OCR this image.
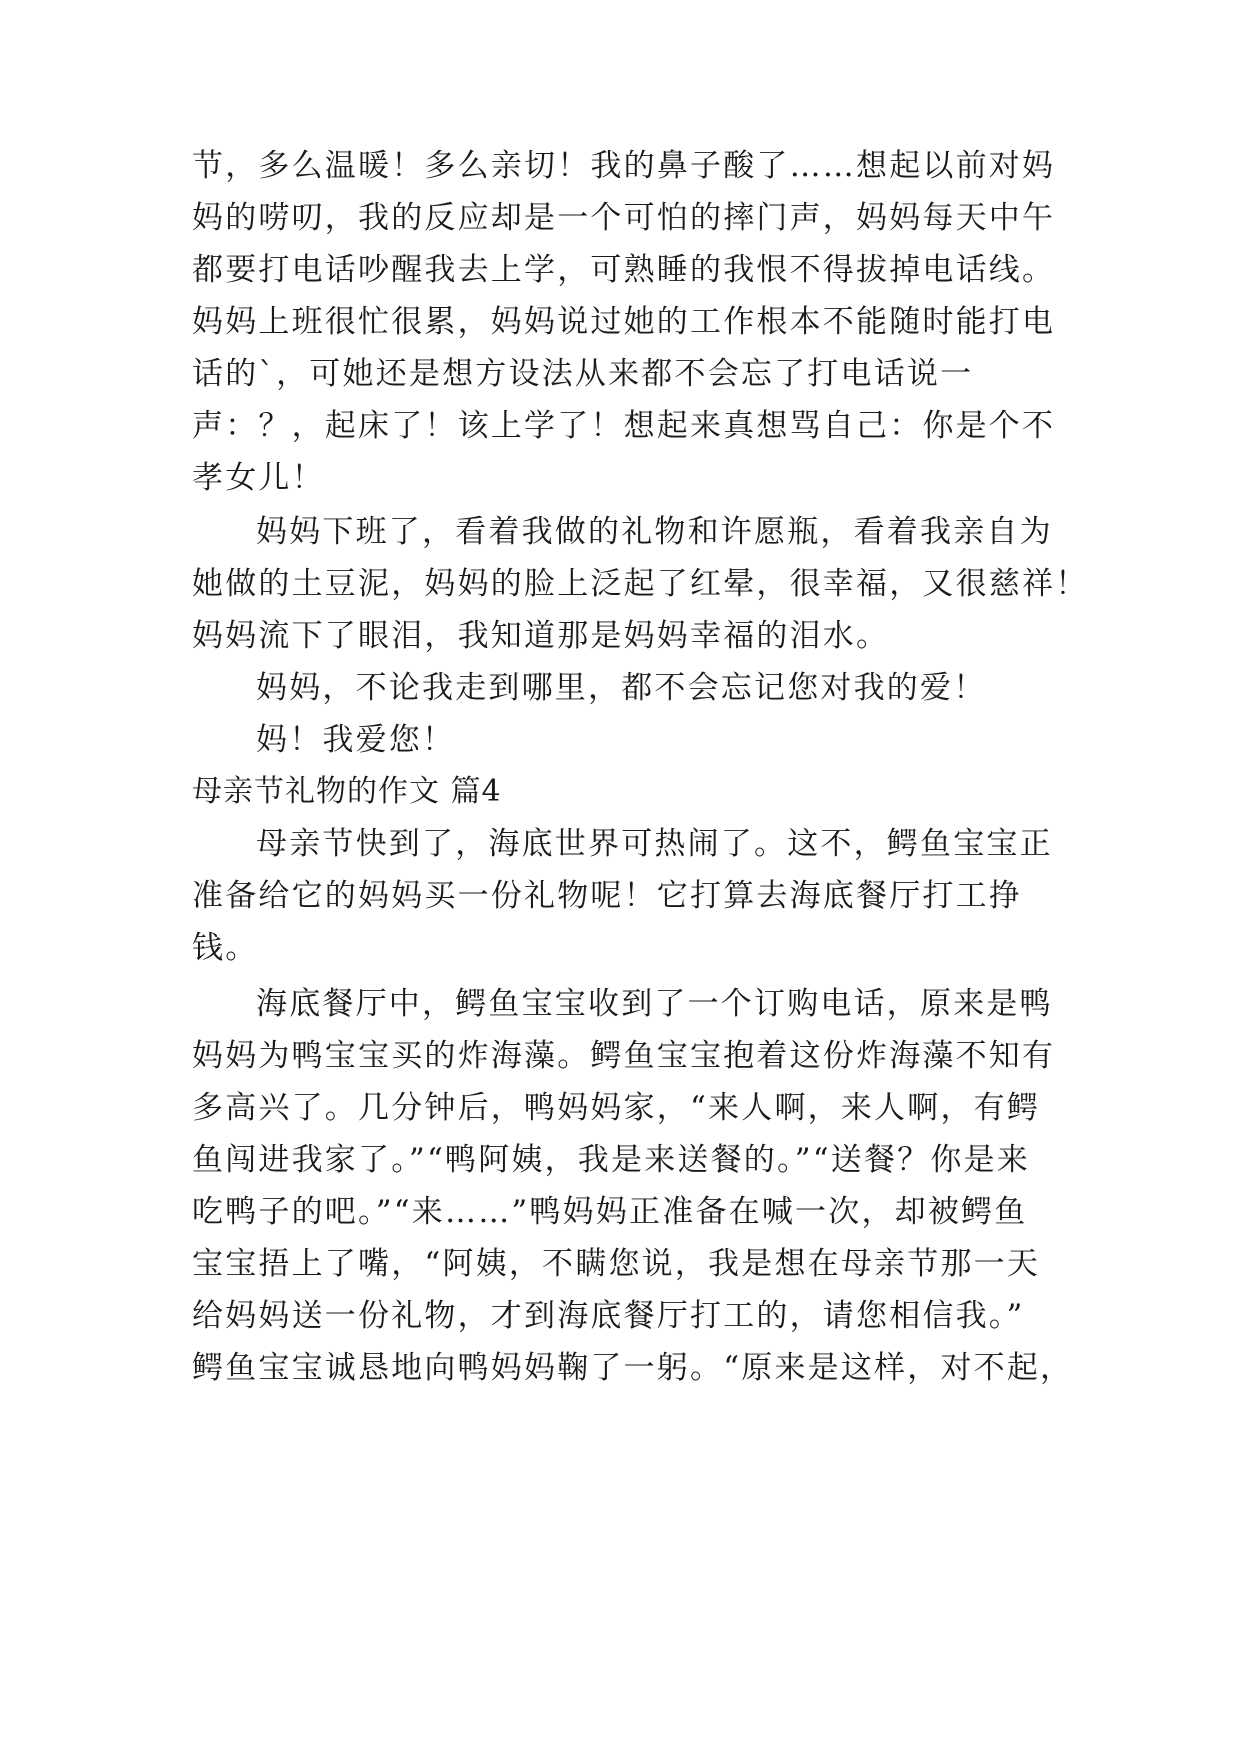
节，多么温暖！多么亲切！我的鼻子酸了……想起以前对妈
妈的唠叨，我的反应却是一个可怕的摔门声，妈妈每天中午
都要打电话吵醒我去上学，可熟睡的我恨不得拔掉电话线。
妈妈上班很忙很累，妈妈说过她的工作根本不能随时能打电
话的`，可她还是想方设法从来都不会忘了打电话说一
声：？，起床了！该上学了！想起来真想骂自己：你是个不
孝女儿！
妈妈下班了，看着我做的礼物和许愿瓶，看着我亲自为
她做的土豆泥，妈妈的脸上泛起了红晕，很幸福，又很慈祥！
妈妈流下了眼泪，我知道那是妈妈幸福的泪水。
妈妈，不论我走到哪里，都不会忘记您对我的爱！
妈！我爱您！
母亲节礼物的作文 篇4
母亲节快到了，海底世界可热闹了。这不，鳄鱼宝宝正
准备给它的妈妈买一份礼物呢！它打算去海底餐厅打工挣
钱。
海底餐厅中，鳄鱼宝宝收到了一个订购电话，原来是鸭
妈妈为鸭宝宝买的炸海藻。鳄鱼宝宝抱着这份炸海藻不知有
多高兴了。几分钟后，鸭妈妈家，“来人啊，来人啊，有鳄
鱼闯进我家了。”“鸭阿姨，我是来送餐的。”“送餐？你是来
吃鸭子的吧。”“来……”鸭妈妈正准备在喊一次，却被鳄鱼
宝宝捂上了嘴，“阿姨，不瞒您说，我是想在母亲节那一天
给妈妈送一份礼物，才到海底餐厅打工的，请您相信我。”
鳄鱼宝宝诚恳地向鸭妈妈鞠了一躬。“原来是这样，对不起，
